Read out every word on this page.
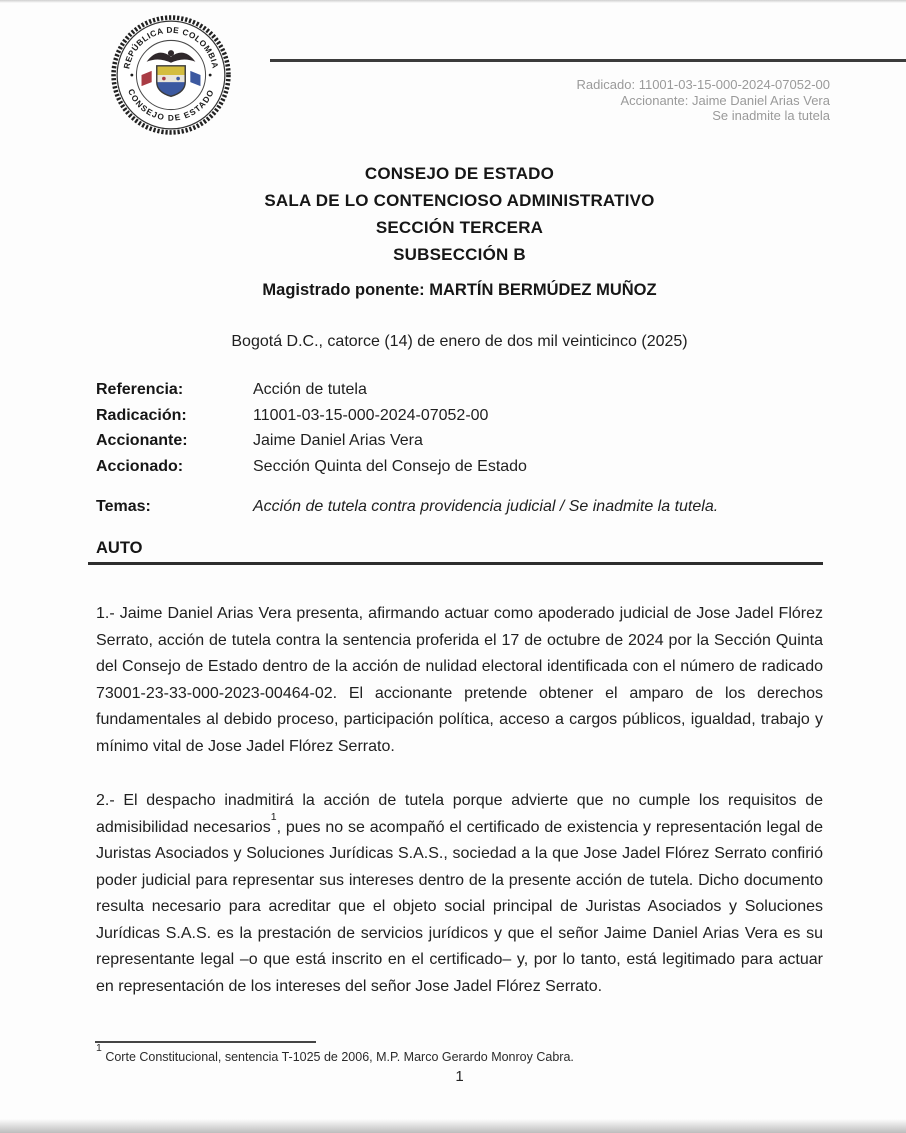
REPÚBLICA DE COLOMBIA
CONSEJO DE ESTADO
Radicado: 11001-03-15-000-2024-07052-00
Accionante: Jaime Daniel Arias Vera
Se inadmite la tutela
CONSEJO DE ESTADO
SALA DE LO CONTENCIOSO ADMINISTRATIVO
SECCIÓN TERCERA
SUBSECCIÓN B
Magistrado ponente: MARTÍN BERMÚDEZ MUÑOZ
Bogotá D.C., catorce (14) de enero de dos mil veinticinco (2025)
Referencia:	Acción de tutela
Radicación:	11001-03-15-000-2024-07052-00
Accionante:	Jaime Daniel Arias Vera
Accionado:	Sección Quinta del Consejo de Estado
Temas:	Acción de tutela contra providencia judicial / Se inadmite la tutela.
AUTO

1.- Jaime Daniel Arias Vera presenta, afirmando actuar como apoderado judicial de Jose Jadel Flórez Serrato, acción de tutela contra la sentencia proferida el 17 de octubre de 2024 por la Sección Quinta del Consejo de Estado dentro de la acción de nulidad electoral identificada con el número de radicado 73001-23-33-000-2023-00464-02. El accionante pretende obtener el amparo de los derechos fundamentales al debido proceso, participación política, acceso a cargos públicos, igualdad, trabajo y mínimo vital de Jose Jadel Flórez Serrato.

2.- El despacho inadmitirá la acción de tutela porque advierte que no cumple los requisitos de admisibilidad necesarios$^1$, pues no se acompañó el certificado de existencia y representación legal de Juristas Asociados y Soluciones Jurídicas S.A.S., sociedad a la que Jose Jadel Flórez Serrato confirió poder judicial para representar sus intereses dentro de la presente acción de tutela. Dicho documento resulta necesario para acreditar que el objeto social principal de Juristas Asociados y Soluciones Jurídicas S.A.S. es la prestación de servicios jurídicos y que el señor Jaime Daniel Arias Vera es su representante legal –o que está inscrito en el certificado– y, por lo tanto, está legitimado para actuar en representación de los intereses del señor Jose Jadel Flórez Serrato.

$^1$ Corte Constitucional, sentencia T-1025 de 2006, M.P. Marco Gerardo Monroy Cabra.
1
